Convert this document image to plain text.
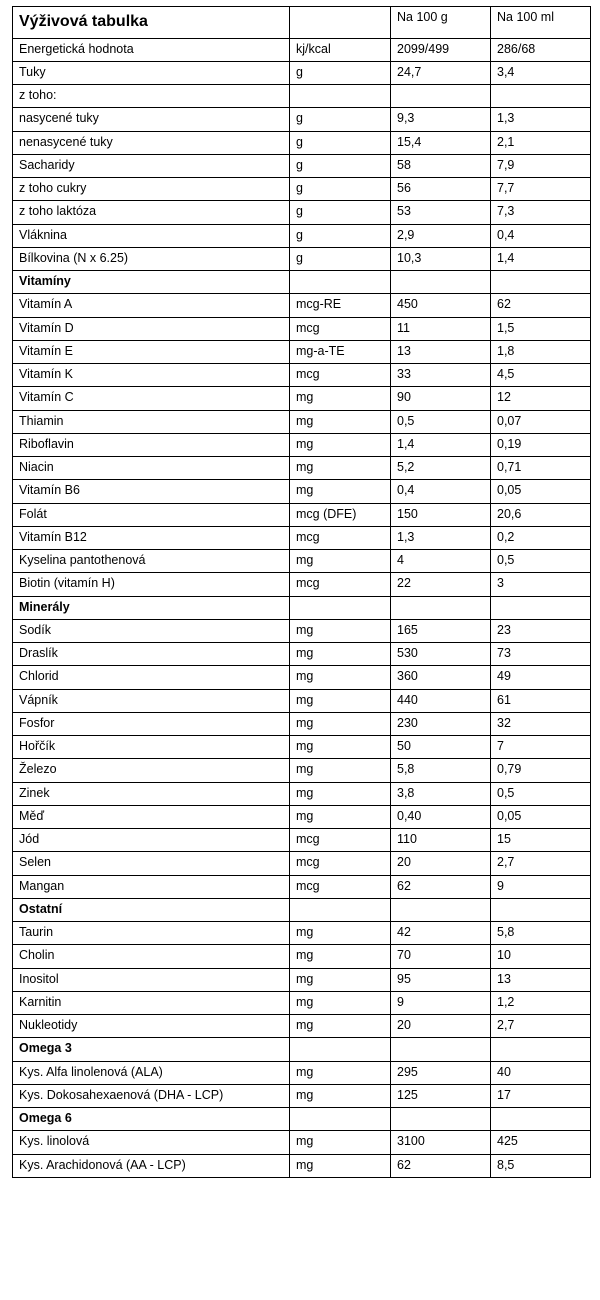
Výživová tabulka		Na 100 g	Na 100 ml
Energetická hodnota	kj/kcal	2099/499	286/68
Tuky	g	24,7	3,4
z toho:			
nasycené tuky	g	9,3	1,3
nenasycené tuky	g	15,4	2,1
Sacharidy	g	58	7,9
z toho cukry	g	56	7,7
z toho laktóza	g	53	7,3
Vláknina	g	2,9	0,4
Bílkovina (N x 6.25)	g	10,3	1,4
Vitamíny			
Vitamín A	mcg-RE	450	62
Vitamín D	mcg	11	1,5
Vitamín E	mg-a-TE	13	1,8
Vitamín K	mcg	33	4,5
Vitamín C	mg	90	12
Thiamin	mg	0,5	0,07
Riboflavin	mg	1,4	0,19
Niacin	mg	5,2	0,71
Vitamín B6	mg	0,4	0,05
Folát	mcg (DFE)	150	20,6
Vitamín B12	mcg	1,3	0,2
Kyselina pantothenová	mg	4	0,5
Biotin (vitamín H)	mcg	22	3
Minerály			
Sodík	mg	165	23
Draslík	mg	530	73
Chlorid	mg	360	49
Vápník	mg	440	61
Fosfor	mg	230	32
Hořčík	mg	50	7
Železo	mg	5,8	0,79
Zinek	mg	3,8	0,5
Měď	mg	0,40	0,05
Jód	mcg	110	15
Selen	mcg	20	2,7
Mangan	mcg	62	9
Ostatní			
Taurin	mg	42	5,8
Cholin	mg	70	10
Inositol	mg	95	13
Karnitin	mg	9	1,2
Nukleotidy	mg	20	2,7
Omega 3			
Kys. Alfa linolenová (ALA)	mg	295	40
Kys. Dokosahexaenová (DHA - LCP)	mg	125	17
Omega 6			
Kys. linolová	mg	3100	425
Kys. Arachidonová (AA - LCP)	mg	62	8,5
